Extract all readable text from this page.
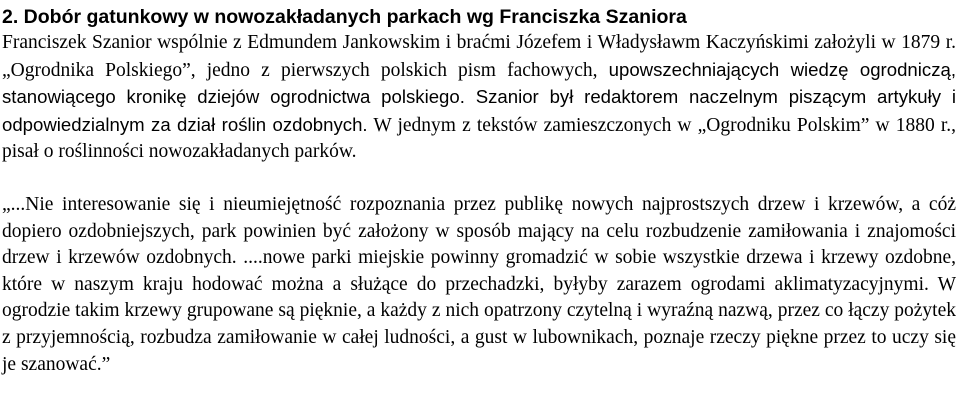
2. Dobór gatunkowy w nowozakładanych parkach wg Franciszka Szaniora

Franciszek Szanior wspólnie z Edmundem Jankowskim i braćmi Józefem i Władysławm Kaczyńskimi założyli w 1879 r. „Ogrodnika Polskiego”, jedno z pierwszych polskich pism fachowych, upowszechniających wiedzę ogrodniczą, stanowiącego kronikę dziejów ogrodnictwa polskiego. Szanior był redaktorem naczelnym piszącym artykuły i odpowiedzialnym za dział roślin ozdobnych. W jednym z tekstów zamieszczonych w „Ogrodniku Polskim” w 1880 r., pisał o roślinności nowozakładanych parków.

„...Nie interesowanie się i nieumiejętność rozpoznania przez publikę nowych najprostszych drzew i krzewów, a cóż dopiero ozdobniejszych, park powinien być założony w sposób mający na celu rozbudzenie zamiłowania i znajomości drzew i krzewów ozdobnych. ....nowe parki miejskie powinny gromadzić w sobie wszystkie drzewa i krzewy ozdobne, które w naszym kraju hodować można a służące do przechadzki, byłyby zarazem ogrodami aklimatyzacyjnymi. W ogrodzie takim krzewy grupowane są pięknie, a każdy z nich opatrzony czytelną i wyraźną nazwą, przez co łączy pożytek z przyjemnością, rozbudza zamiłowanie w całej ludności, a gust w lubownikach, poznaje rzeczy piękne przez to uczy się je szanować.”
